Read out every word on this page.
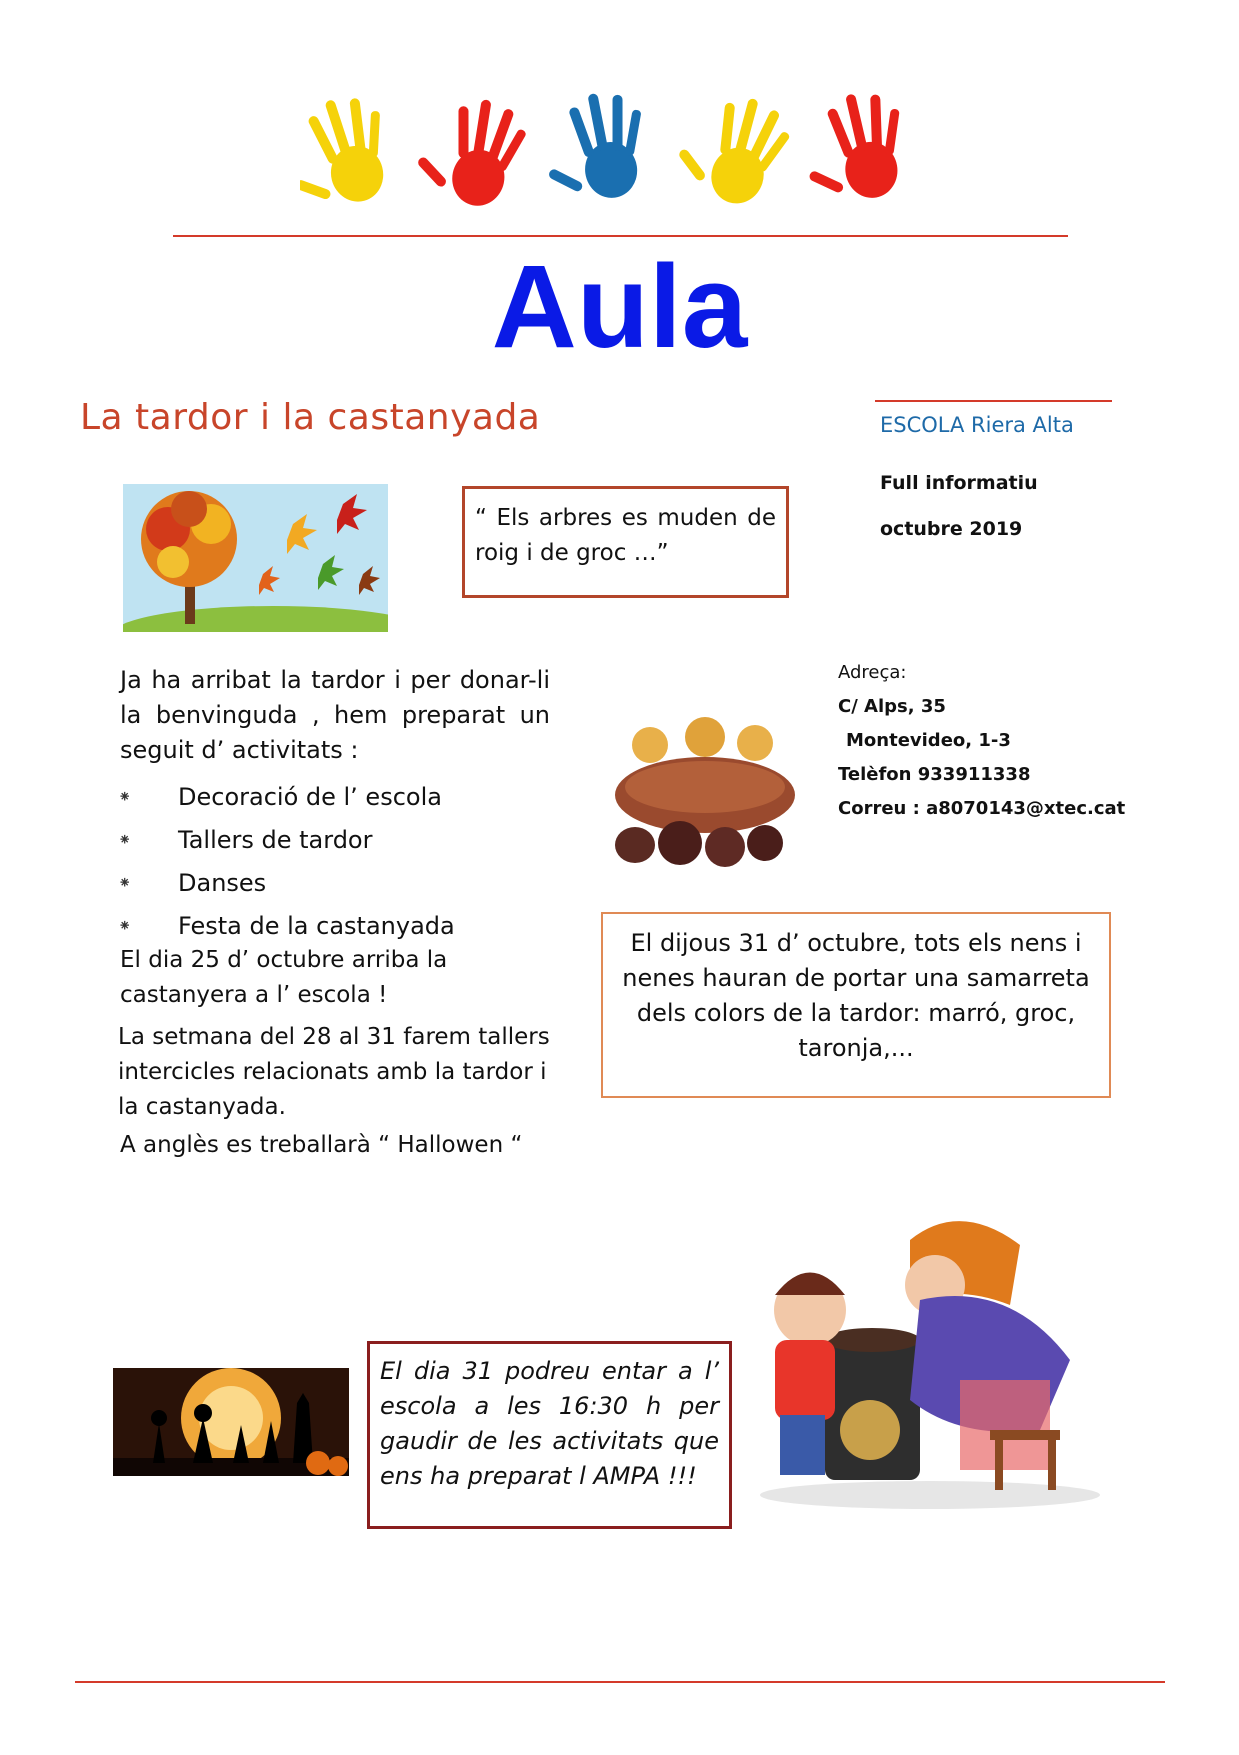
Aula
La tardor i la castanyada	ESCOLA Riera Alta
Full informatiu
octubre 2019
“ Els arbres es muden de roig i de groc …”
Ja ha arribat la tardor i per donar-li la benvinguda , hem preparat un seguit d’ activitats :
⁕	Decoració de l’ escola
⁕	Tallers de tardor
⁕	Danses
⁕	Festa de la castanyada
El dia 25 d’ octubre arriba la castanyera a l’ escola !
La setmana del 28 al 31 farem tallers intercicles relacionats amb la tardor i la castanyada.
A anglès es treballarà “ Hallowen “
Adreça:
C/ Alps, 35
Montevideo, 1-3
Telèfon 933911338
Correu : a8070143@xtec.cat
El dijous 31 d’ octubre, tots els nens i nenes hauran de portar una samarreta dels colors de la tardor: marró, groc, taronja,...
El dia 31 podreu entar a l’ escola a les 16:30 h per gaudir de les activitats que ens ha preparat l AMPA !!!
